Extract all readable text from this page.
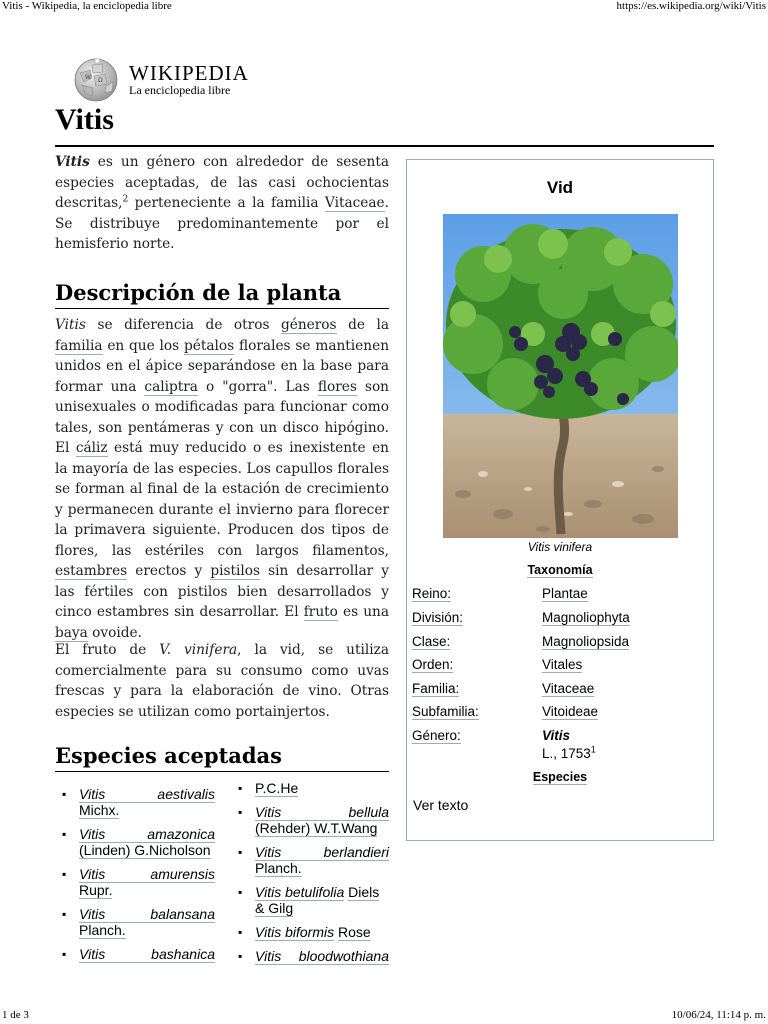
Vitis - Wikipedia, la enciclopedia libre	https://es.wikipedia.org/wiki/Vitis
1 de 3	10/06/24, 11:14 p. m.
W Ω WIKIPEDIA
La enciclopedia libre
Vitis

Vitis es un género con alrededor de sesenta especies aceptadas, de las casi ochocientas descritas,$^2$ perteneciente a la familia Vitaceae. Se distribuye predominantemente por el hemisferio norte.

Descripción de la planta

Vitis se diferencia de otros géneros de la familia en que los pétalos florales se mantienen unidos en el ápice separándose en la base para formar una caliptra o "gorra". Las flores son unisexuales o modificadas para funcionar como tales, son pentámeras y con un disco hipógino. El cáliz está muy reducido o es inexistente en la mayoría de las especies. Los capullos florales se forman al final de la estación de crecimiento y permanecen durante el invierno para florecer la primavera siguiente. Producen dos tipos de flores, las estériles con largos filamentos, estambres erectos y pistilos sin desarrollar y las fértiles con pistilos bien desarrollados y cinco estambres sin desarrollar. El fruto es una baya ovoide.

El fruto de V. vinifera, la vid, se utiliza comercialmente para su consumo como uvas frescas y para la elaboración de vino. Otras especies se utilizan como portainjertos.

Especies aceptadas
▪ Vitis aestivalis
Michx.
▪ Vitis amazonica
(Linden) G.Nicholson
▪ Vitis amurensis
Rupr.
▪ Vitis balansana
Planch.
▪ Vitis bashanica
▪ P.C.He
▪ Vitis bellula
(Rehder) W.T.Wang
▪ Vitis berlandieri
Planch.
▪ Vitis betulifolia Diels & Gilg
▪ Vitis biformis Rose
▪ Vitis bloodwothiana
Vid
Vitis vinifera
Taxonomía
Reino:	Plantae
División:	Magnoliophyta
Clase:	Magnoliopsida
Orden:	Vitales
Familia:	Vitaceae
Subfamilia:	Vitoideae
Género:	Vitis
L., 1753$^1$
Especies
Ver texto
